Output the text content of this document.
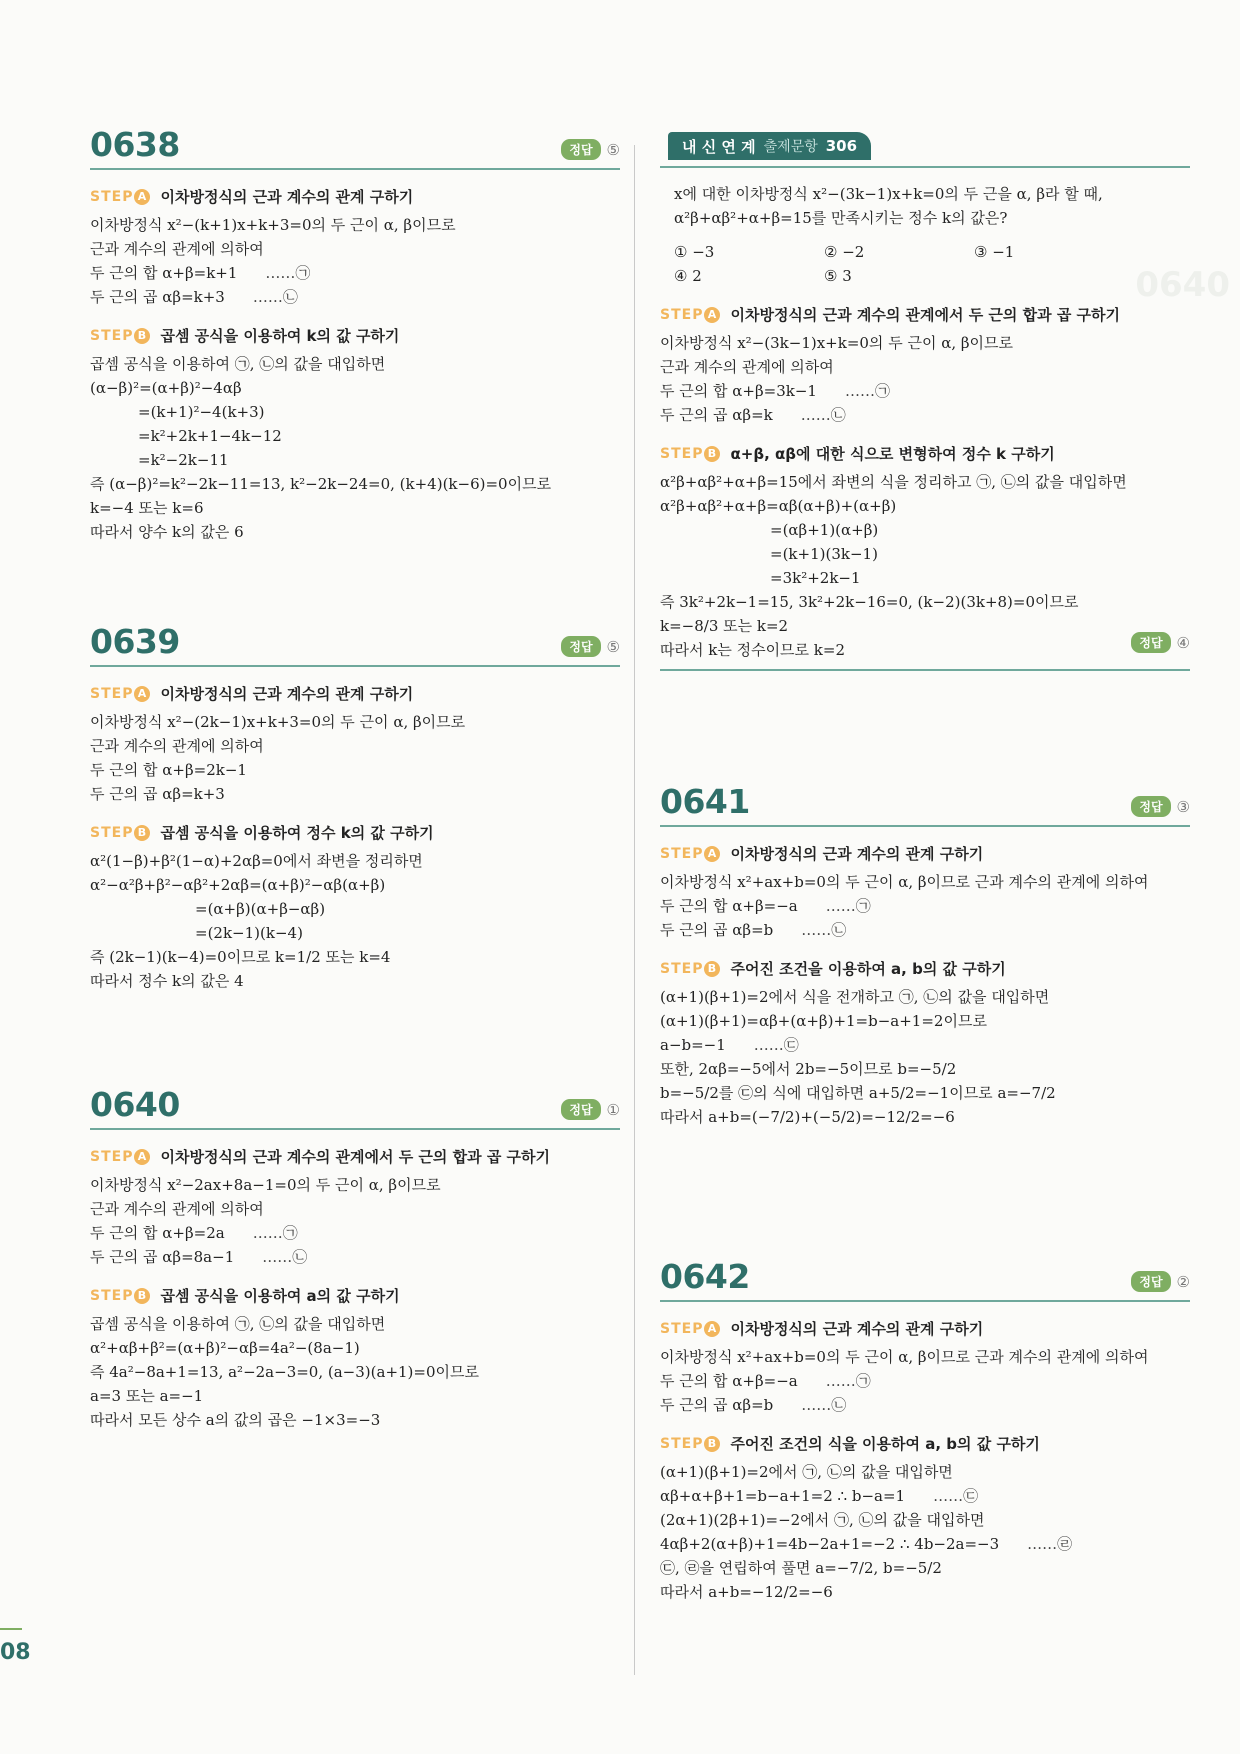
0640
0638	정답 ⑤
STEP A 이차방정식의 근과 계수의 관계 구하기
이차방정식 x²−(k+1)x+k+3=0의 두 근이 α, β이므로
근과 계수의 관계에 의하여
두 근의 합 α+β=k+1 ……㉠
두 근의 곱 αβ=k+3 ……㉡
STEP B 곱셈 공식을 이용하여 k의 값 구하기
곱셈 공식을 이용하여 ㉠, ㉡의 값을 대입하면
(α−β)²=(α+β)²−4αβ
=(k+1)²−4(k+3)
=k²+2k+1−4k−12
=k²−2k−11
즉 (α−β)²=k²−2k−11=13, k²−2k−24=0, (k+4)(k−6)=0이므로
k=−4 또는 k=6
따라서 양수 k의 값은 6
0639	정답 ⑤
STEP A 이차방정식의 근과 계수의 관계 구하기
이차방정식 x²−(2k−1)x+k+3=0의 두 근이 α, β이므로
근과 계수의 관계에 의하여
두 근의 합 α+β=2k−1
두 근의 곱 αβ=k+3
STEP B 곱셈 공식을 이용하여 정수 k의 값 구하기
α²(1−β)+β²(1−α)+2αβ=0에서 좌변을 정리하면
α²−α²β+β²−αβ²+2αβ=(α+β)²−αβ(α+β)
=(α+β)(α+β−αβ)
=(2k−1)(k−4)
즉 (2k−1)(k−4)=0이므로 k=1/2 또는 k=4
따라서 정수 k의 값은 4
0640	정답 ①
STEP A 이차방정식의 근과 계수의 관계에서 두 근의 합과 곱 구하기
이차방정식 x²−2ax+8a−1=0의 두 근이 α, β이므로
근과 계수의 관계에 의하여
두 근의 합 α+β=2a ……㉠
두 근의 곱 αβ=8a−1 ……㉡
STEP B 곱셈 공식을 이용하여 a의 값 구하기
곱셈 공식을 이용하여 ㉠, ㉡의 값을 대입하면
α²+αβ+β²=(α+β)²−αβ=4a²−(8a−1)
즉 4a²−8a+1=13, a²−2a−3=0, (a−3)(a+1)=0이므로
a=3 또는 a=−1
따라서 모든 상수 a의 값의 곱은 −1×3=−3
내 신 연 계 출제문항 306
x에 대한 이차방정식 x²−(3k−1)x+k=0의 두 근을 α, β라 할 때,
α²β+αβ²+α+β=15를 만족시키는 정수 k의 값은?
① −3	② −2	③ −1
④ 2	⑤ 3
STEP A 이차방정식의 근과 계수의 관계에서 두 근의 합과 곱 구하기
이차방정식 x²−(3k−1)x+k=0의 두 근이 α, β이므로
근과 계수의 관계에 의하여
두 근의 합 α+β=3k−1 ……㉠
두 근의 곱 αβ=k ……㉡
STEP B α+β, αβ에 대한 식으로 변형하여 정수 k 구하기
α²β+αβ²+α+β=15에서 좌변의 식을 정리하고 ㉠, ㉡의 값을 대입하면
α²β+αβ²+α+β=αβ(α+β)+(α+β)
=(αβ+1)(α+β)
=(k+1)(3k−1)
=3k²+2k−1
즉 3k²+2k−1=15, 3k²+2k−16=0, (k−2)(3k+8)=0이므로
k=−8/3 또는 k=2
따라서 k는 정수이므로 k=2	정답 ④
0641	정답 ③
STEP A 이차방정식의 근과 계수의 관계 구하기
이차방정식 x²+ax+b=0의 두 근이 α, β이므로 근과 계수의 관계에 의하여
두 근의 합 α+β=−a ……㉠
두 근의 곱 αβ=b ……㉡
STEP B 주어진 조건을 이용하여 a, b의 값 구하기
(α+1)(β+1)=2에서 식을 전개하고 ㉠, ㉡의 값을 대입하면
(α+1)(β+1)=αβ+(α+β)+1=b−a+1=2이므로
a−b=−1 ……㉢
또한, 2αβ=−5에서 2b=−5이므로 b=−5/2
b=−5/2를 ㉢의 식에 대입하면 a+5/2=−1이므로 a=−7/2
따라서 a+b=(−7/2)+(−5/2)=−12/2=−6
0642	정답 ②
STEP A 이차방정식의 근과 계수의 관계 구하기
이차방정식 x²+ax+b=0의 두 근이 α, β이므로 근과 계수의 관계에 의하여
두 근의 합 α+β=−a ……㉠
두 근의 곱 αβ=b ……㉡
STEP B 주어진 조건의 식을 이용하여 a, b의 값 구하기
(α+1)(β+1)=2에서 ㉠, ㉡의 값을 대입하면
αβ+α+β+1=b−a+1=2 ∴ b−a=1 ……㉢
(2α+1)(2β+1)=−2에서 ㉠, ㉡의 값을 대입하면
4αβ+2(α+β)+1=4b−2a+1=−2 ∴ 4b−2a=−3 ……㉣
㉢, ㉣을 연립하여 풀면 a=−7/2, b=−5/2
따라서 a+b=−12/2=−6
08
